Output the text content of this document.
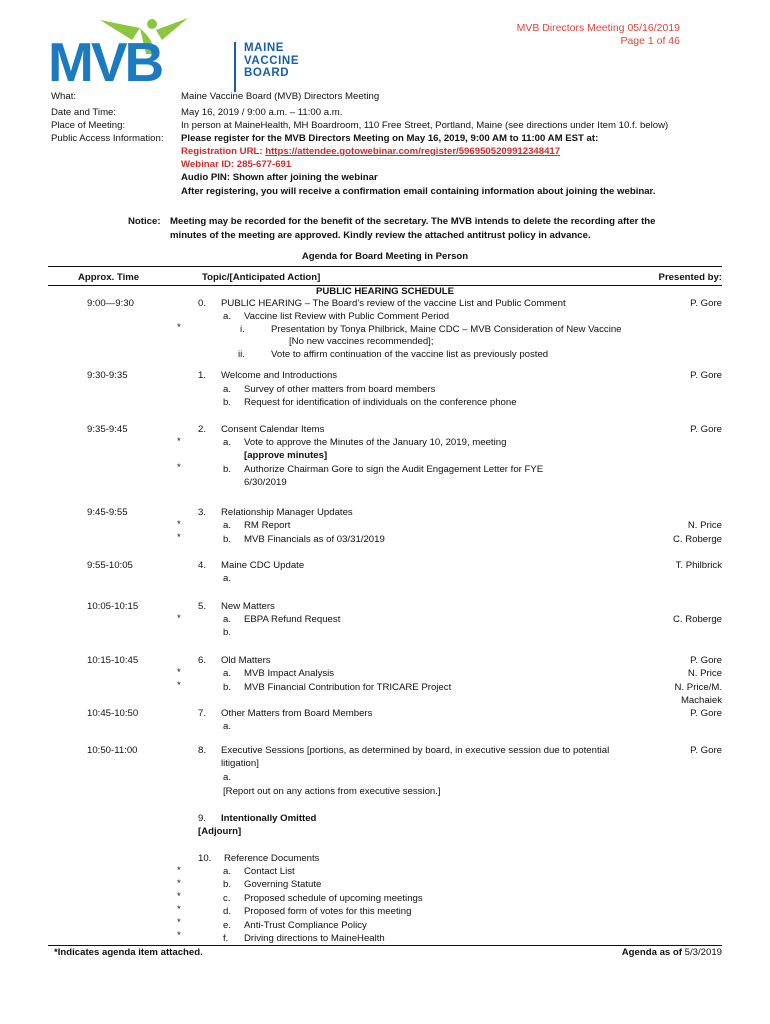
MVB Directors Meeting 05/16/2019
Page 1 of 46
MVB	MAINE
VACCINE
BOARD
What:	Maine Vaccine Board (MVB) Directors Meeting
Date and Time:	May 16, 2019 / 9:00 a.m. – 11:00 a.m.
Place of Meeting:	In person at MaineHealth, MH Boardroom, 110 Free Street, Portland, Maine (see directions under Item 10.f. below)
Public Access Information: Please register for the MVB Directors Meeting on May 16, 2019, 9:00 AM to 11:00 AM EST at:
Registration URL: https://attendee.gotowebinar.com/register/5969505209912348417
Webinar ID: 285-677-691
Audio PIN: Shown after joining the webinar
After registering, you will receive a confirmation email containing information about joining the webinar.
Notice: Meeting may be recorded for the benefit of the secretary. The MVB intends to delete the recording after the minutes of the meeting are approved. Kindly review the attached antitrust policy in advance.
Agenda for Board Meeting in Person
Approx. Time	Topic/[Anticipated Action]	Presented by:
PUBLIC HEARING SCHEDULE
9:00—9:30	0. PUBLIC HEARING – The Board’s review of the vaccine List and Public Comment	P. Gore
a. Vaccine list Review with Public Comment Period
*	i.	Presentation by Tonya Philbrick, Maine CDC – MVB Consideration of New Vaccine
[No new vaccines recommended];
ii.	Vote to affirm continuation of the vaccine list as previously posted
9:30-9:35	1. Welcome and Introductions	P. Gore
a. Survey of other matters from board members
b. Request for identification of individuals on the conference phone
9:35-9:45	2. Consent Calendar Items	P. Gore
*	a. Vote to approve the Minutes of the January 10, 2019, meeting
[approve minutes]
*	b. Authorize Chairman Gore to sign the Audit Engagement Letter for FYE
6/30/2019
9:45-9:55	3. Relationship Manager Updates
*	a. RM Report	N. Price
*	b. MVB Financials as of 03/31/2019	C. Roberge
9:55-10:05	4. Maine CDC Update	T. Philbrick
a.
10:05-10:15	5. New Matters
*	a. EBPA Refund Request	C. Roberge
b.
10:15-10:45	6. Old Matters	P. Gore
*	a. MVB Impact Analysis	N. Price
*	b. MVB Financial Contribution for TRICARE Project	N. Price/M.
Machaiek
10:45-10:50	7. Other Matters from Board Members	P. Gore
a.
10:50-11:00	8. Executive Sessions [portions, as determined by board, in executive session due to potential	P. Gore
litigation]
a.
[Report out on any actions from executive session.]
9. Intentionally Omitted
[Adjourn]
10. Reference Documents
*	a. Contact List
*	b. Governing Statute
*	c. Proposed schedule of upcoming meetings
*	d. Proposed form of votes for this meeting
*	e. Anti-Trust Compliance Policy
*	f. Driving directions to MaineHealth
*Indicates agenda item attached.	Agenda as of 5/3/2019
